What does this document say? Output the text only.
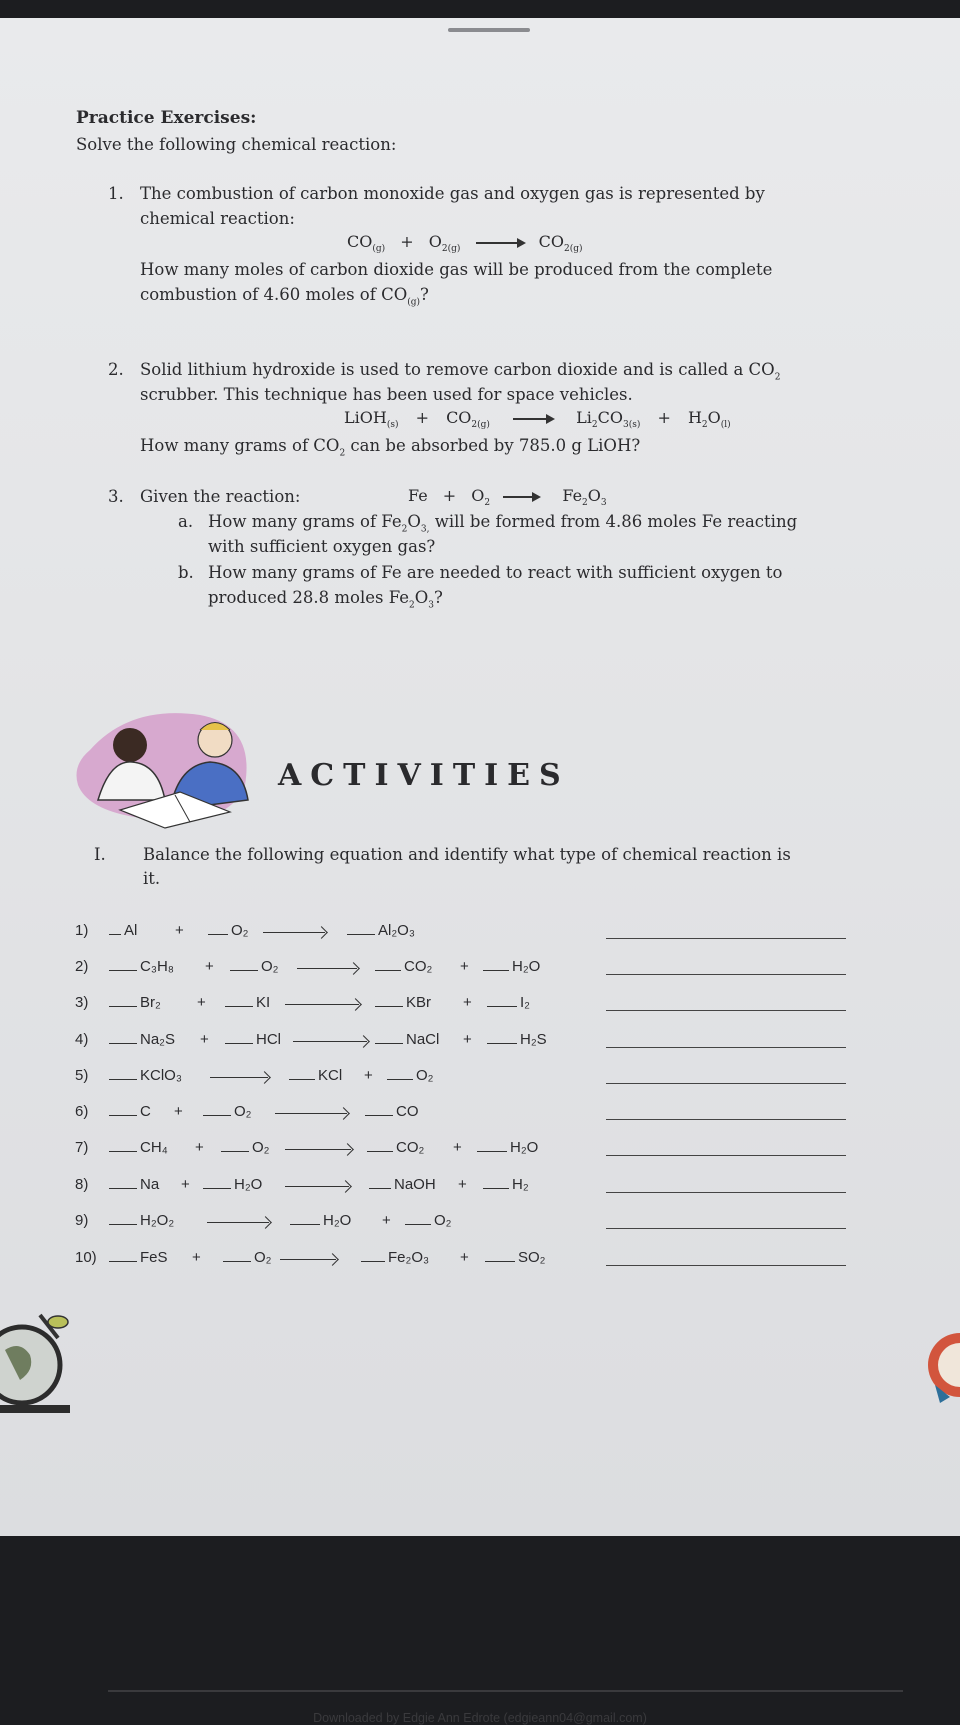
Practice Exercises:
Solve the following chemical reaction:
1. The combustion of carbon monoxide gas and oxygen gas is represented by
chemical reaction:
$CO_{(g)} + O_{2(g)} \to CO_{2(g)}$
How many moles of carbon dioxide gas will be produced from the complete
combustion of 4.60 moles of $CO_{(g)}$?
2. Solid lithium hydroxide is used to remove carbon dioxide and is called a $CO_2$
scrubber. This technique has been used for space vehicles.
LiOH$_{(s)}$ + $CO_{2(g)} \to Li_2CO_{3(s)} + H_2O_{(l)}$
How many grams of $CO_2$ can be absorbed by 785.0 g LiOH?
3. Given the reaction:	$Fe + O_2 \to Fe_2O_3$
a. How many grams of $Fe_2O_{3,}$ will be formed from 4.86 moles Fe reacting
with sufficient oxygen gas?
b. How many grams of Fe are needed to react with sufficient oxygen to
produced 28.8 moles $Fe_2O_3$?
ACTIVITIES
I. Balance the following equation and identify what type of chemical reaction is
it.
1)	Al	+	O₂	Al₂O₃
2)	C₃H₈ +	O₂	CO₂ +	H₂O
3)	Br₂ +	KI	KBr +	I₂
4)	Na₂S +	HCl	NaCl +	H₂S
5)	KClO₃	KCl +	O₂
6)	C +	O₂	CO
7)	CH₄ +	O₂	CO₂ +	H₂O
8)	Na +	H₂O	NaOH +	H₂
9)	H₂O₂	H₂O +	O₂
10)	FeS +	O₂	Fe₂O₃ +	SO₂
Downloaded by Edgie Ann Edrote (edgieann04@gmail.com)
